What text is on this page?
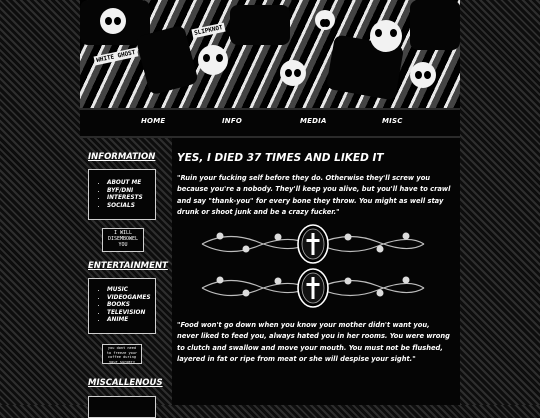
WHITE GHOST
SLIPKNOT
HOME	INFO	MEDIA	MISC
INFORMATION
• ABOUT ME
• BYF/DNI
• INTERESTS
• SOCIALS
I WILL
DISEMBOWEL
YOU
ENTERTAINMENT
• MUSIC
• VIDEOGAMES
• BOOKS
• TELEVISION
• ANIME
you dont need to freeze your coffee during your surgery
MISCALLENOUS
YES, I DIED 37 TIMES AND LIKED IT

"Ruin your fucking self before they do. Otherwise they'll screw you because you're a nobody. They'll keep you alive, but you'll have to crawl and say "thank-you" for every bone they throw. You might as well stay drunk or shoot junk and be a crazy fucker."

"Food won't go down when you know your mother didn't want you, never liked to feed you, always hated you in her rooms. You were wrong to clutch and swallow and move your mouth. You must not be flushed, layered in fat or ripe from meat or she will despise your sight."
